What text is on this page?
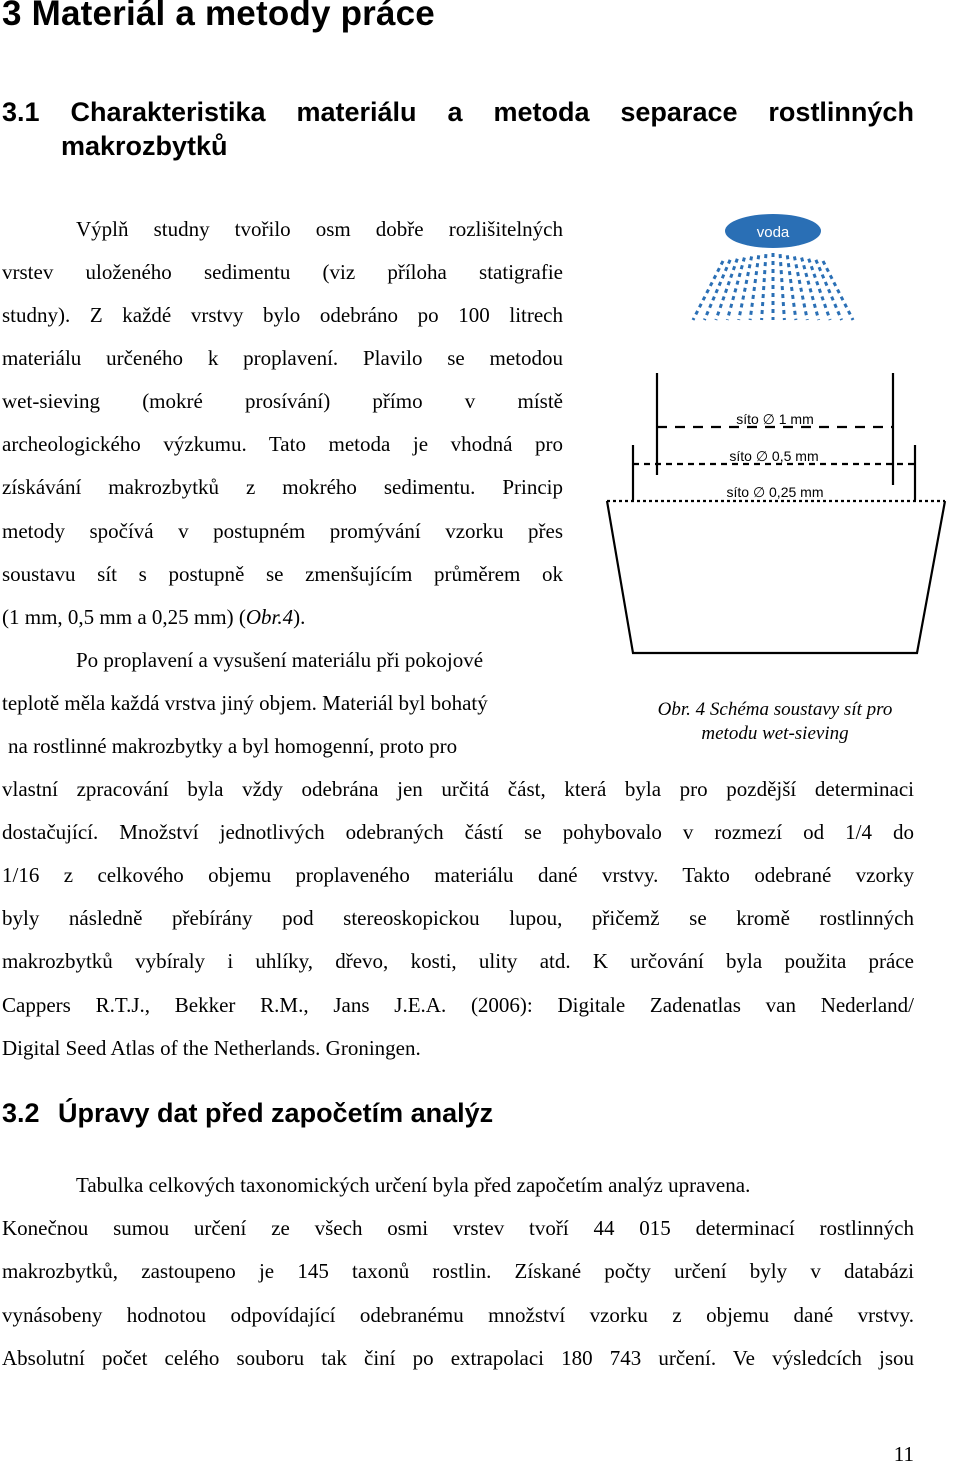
3 Materiál a metody práce
3.1 Charakteristika materiálu a metoda separace rostlinných
makrozbytků
Výplň studny tvořilo osm dobře rozlišitelných
vrstev uloženého sedimentu (viz příloha statigrafie
studny). Z každé vrstvy bylo odebráno po 100 litrech
materiálu určeného k proplavení. Plavilo se metodou
wet-sieving (mokré prosívání) přímo v místě
archeologického výzkumu. Tato metoda je vhodná pro
získávání makrozbytků z mokrého sedimentu. Princip
metody spočívá v postupném promývání vzorku přes
soustavu sít s postupně se zmenšujícím průměrem ok
(1 mm, 0,5 mm a 0,25 mm) (Obr.4).
Po proplavení a vysušení materiálu při pokojové
teplotě měla každá vrstva jiný objem. Materiál byl bohatý
na rostlinné makrozbytky a byl homogenní, proto pro
vlastní zpracování byla vždy odebrána jen určitá část, která byla pro pozdější determinaci
dostačující. Množství jednotlivých odebraných částí se pohybovalo v rozmezí od 1/4 do
1/16 z celkového objemu proplaveného materiálu dané vrstvy. Takto odebrané vzorky
byly následně přebírány pod stereoskopickou lupou, přičemž se kromě rostlinných
makrozbytků vybíraly i uhlíky, dřevo, kosti, ulity atd. K určování byla použita práce
Cappers R.T.J., Bekker R.M., Jans J.E.A. (2006): Digitale Zadenatlas van Nederland/
Digital Seed Atlas of the Netherlands. Groningen.
voda
síto ∅ 1 mm
síto ∅ 0,5 mm
síto ∅ 0,25 mm
Obr. 4 Schéma soustavy sít pro
metodu wet-sieving
3.2 Úpravy dat před započetím analýz
Tabulka celkových taxonomických určení byla před započetím analýz upravena.
Konečnou sumou určení ze všech osmi vrstev tvoří 44 015 determinací rostlinných
makrozbytků, zastoupeno je 145 taxonů rostlin. Získané počty určení byly v databázi
vynásobeny hodnotou odpovídající odebranému množství vzorku z objemu dané vrstvy.
Absolutní počet celého souboru tak činí po extrapolaci 180 743 určení. Ve výsledcích jsou
11
